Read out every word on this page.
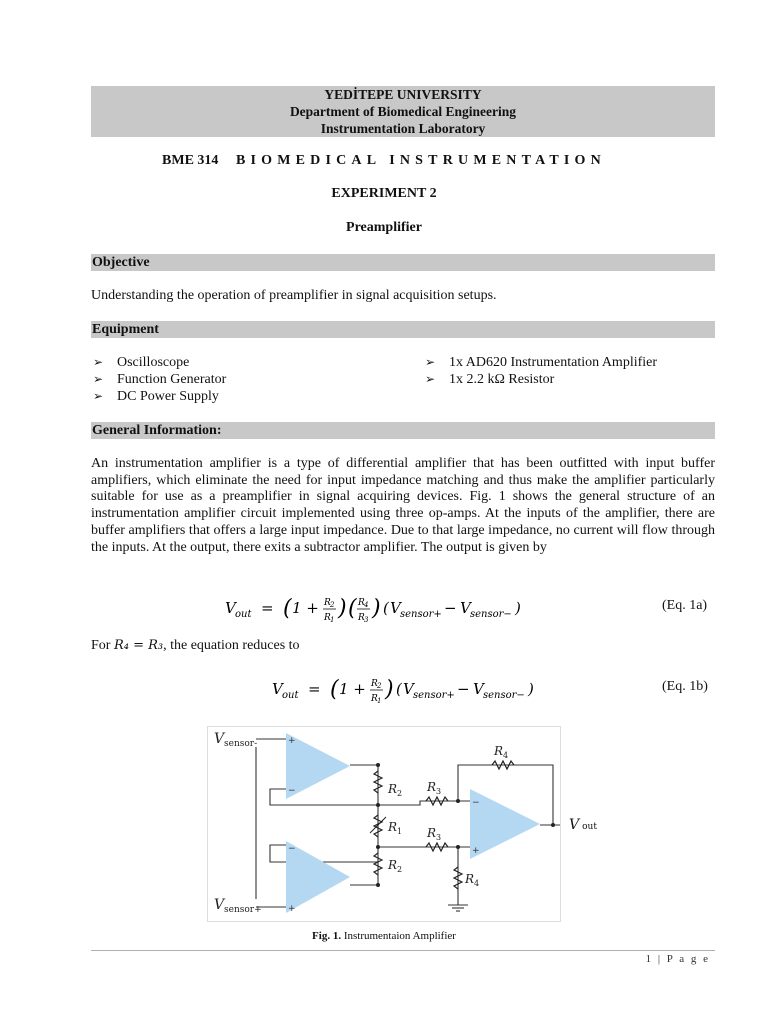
YEDİTEPE UNIVERSITY
Department of Biomedical Engineering
Instrumentation Laboratory
BME 314 BIOMEDICAL INSTRUMENTATION
EXPERIMENT 2
Preamplifier
Objective
Understanding the operation of preamplifier in signal acquisition setups.
Equipment
➢ Oscilloscope
➢ Function Generator
➢ DC Power Supply
➢ 1x AD620 Instrumentation Amplifier
➢ 1x 2.2 kΩ Resistor
General Information:
An instrumentation amplifier is a type of differential amplifier that has been outfitted with input buffer amplifiers, which eliminate the need for input impedance matching and thus make the amplifier particularly suitable for use as a preamplifier in signal acquiring devices. Fig. 1 shows the general structure of an instrumentation amplifier circuit implemented using three op-amps. At the inputs of the amplifier, there are buffer amplifiers that offers a large input impedance. Due to that large impedance, no current will flow through the inputs. At the output, there exits a subtractor amplifier. The output is given by
V out = ( 1 + R 2
R 1 ) ( R 4
R 3 ) ( V sensor+ − V sensor− )	(Eq. 1a)
For R₄ = R₃, the equation reduces to
V out = ( 1 + R 2
R 1 ) ( V sensor+ − V sensor− )	(Eq. 1b)
+
−
−
+
−
+
V sensor-
V sensor+
R 4
R 2
R 1
R 2
R 3
R 3
R 4
Vout
Fig. 1. Instrumentaion Amplifier
1 | P a g e
